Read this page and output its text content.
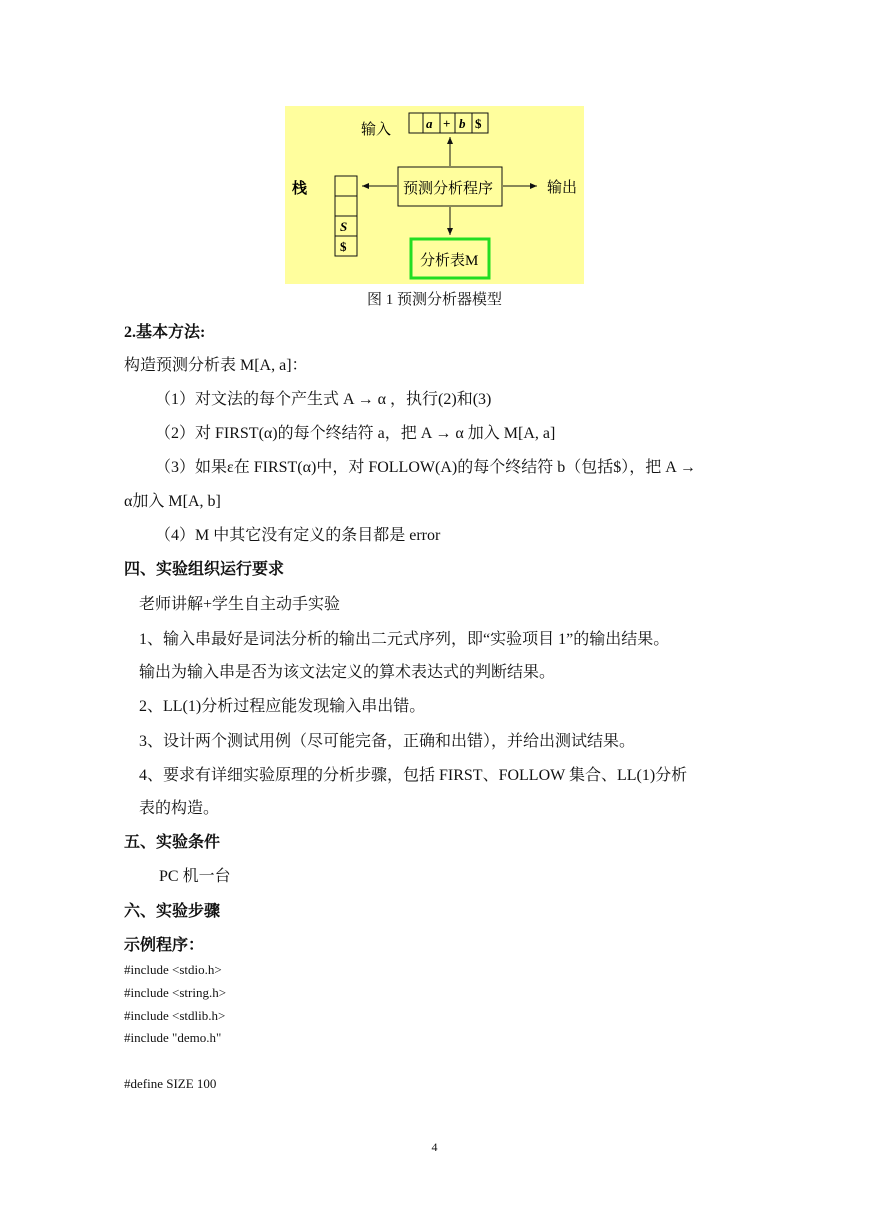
输入	a + b $
栈
S
$
预测分析程序	输出
分析表M
图 1 预测分析器模型
2.基本方法:
构造预测分析表 M[A, a]：
（1）对文法的每个产生式 A → α ，执行(2)和(3)
（2）对 FIRST(α)的每个终结符 a，把 A → α 加入 M[A, a]
（3）如果ε在 FIRST(α)中，对 FOLLOW(A)的每个终结符 b（包括$），把 A →
α加入 M[A, b]
（4）M 中其它没有定义的条目都是 error
四、实验组织运行要求
老师讲解+学生自主动手实验
1、输入串最好是词法分析的输出二元式序列，即“实验项目 1”的输出结果。
输出为输入串是否为该文法定义的算术表达式的判断结果。
2、LL(1)分析过程应能发现输入串出错。
3、设计两个测试用例（尽可能完备，正确和出错），并给出测试结果。
4、要求有详细实验原理的分析步骤，包括 FIRST、FOLLOW 集合、LL(1)分析
表的构造。
五、实验条件
PC 机一台
六、实验步骤
示例程序：
#include <stdio.h>
#include <string.h>
#include <stdlib.h>
#include "demo.h"
#define SIZE 100
4
